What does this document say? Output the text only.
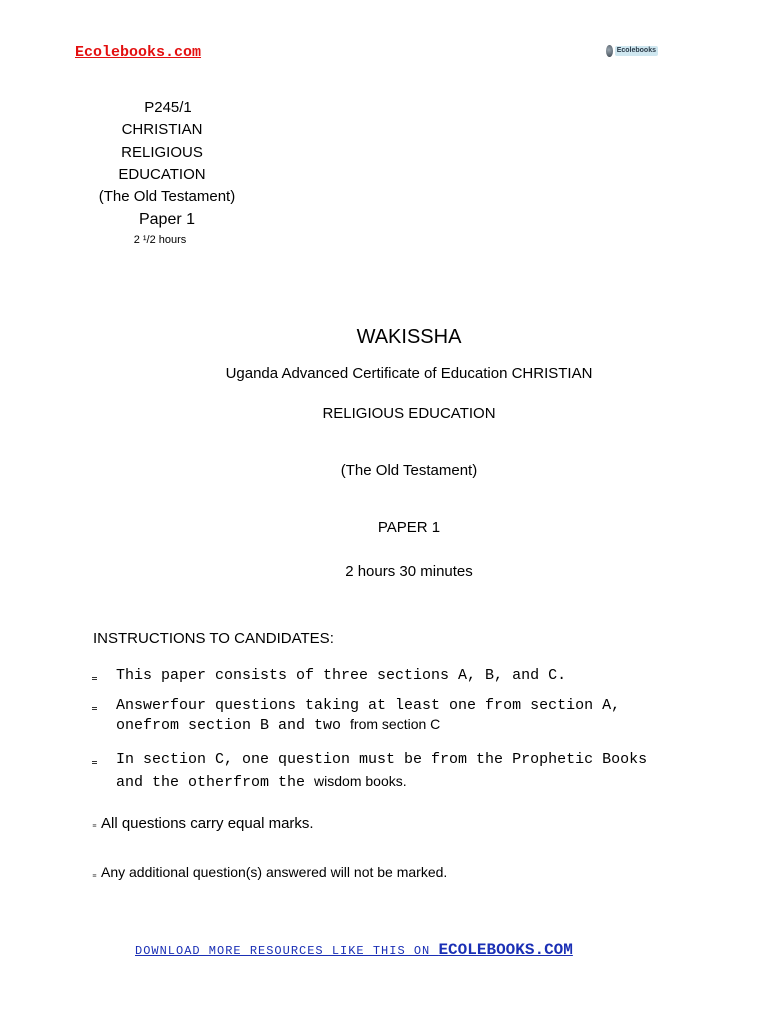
Ecolebooks.com	Ecolebooks
P245/1
CHRISTIAN
RELIGIOUS
EDUCATION
(The Old Testament)
Paper 1
2 ¹/2 hours
WAKISSHA
Uganda Advanced Certificate of Education CHRISTIAN
RELIGIOUS EDUCATION
(The Old Testament)
PAPER 1
2 hours 30 minutes
INSTRUCTIONS TO CANDIDATES:
This paper consists of three sections A, B, and C.
Answerfour questions taking at least one from section A,
onefrom section B and two from section C
In section C, one question must be from the Prophetic Books
and the otherfrom the wisdom books.
All questions carry equal marks.
Any additional question(s) answered will not be marked.
DOWNLOAD MORE RESOURCES LIKE THIS ON ECOLEBOOKS.COM
